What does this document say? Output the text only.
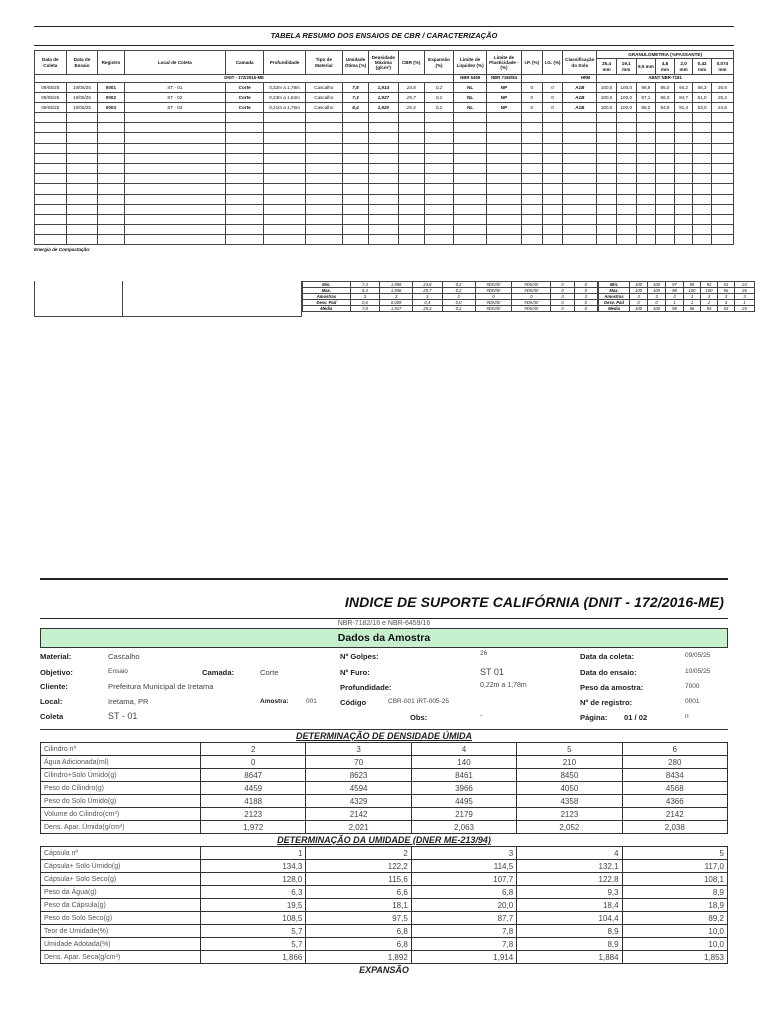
TABELA RESUMO DOS ENSAIOS DE CBR / CARACTERIZAÇÃO
Data de Coleta	Data de Ensaio	Registro	Local de Coleta	Camada	Profundidade	Tipo de Material	Umidade Ótima (%)	Densidade Máxima (g/cm³)	CBR (%)	Expansão (%)	Limite de Liquidez (%)	Limite de Plasticidade - (%)	I.P. (%)	I.G. (%)	Classificação do Solo	GRANULOMETRIA (%PASSANTE)						
																25,4 mm	19,1 mm	9,5 mm	4,8 mm	2,0 mm	0,42 mm	0,074 mm
DNIT - 172/2016-ME											NBR 6459	NBR 7180/84	HRB			ABNT NBR-7181						
09/05/25	10/05/25	0001	ST - 01	Corte	0,22m a 1,78m	Cascalho	7,8	1,914	24,8	0,2	NL	NP	0	0	A1B	100,0	100,0	96,9	95,0	94,2	56,3	26,5
09/05/25	10/05/25	0002	ST - 02	Corte	0,23m a 1,84m	Cascalho	7,3	1,927	25,7	0,2	NL	NP	0	0	A1B	100,0	100,0	97,1	96,3	94,7	51,0	25,2
09/05/25	10/05/25	0003	ST - 03	Corte	0,21m a 1,76m	Cascalho	8,4	1,920	25,4	0,2	NL	NP	0	0	A1B	100,0	100,0	98,2	94,9	91,4	53,0	24,6

Energia de Compactação:
Min.	7,3	1,908	24,8	0,2	#DIV/0!	#DIV/0!	0	0
Max.	8,4	1,936	25,7	0,2	#DIV/0!	#DIV/0!	0	0
Amostras	3	3	3	3	0	0	3	3
Desv. Pad	0,6	0,009	0,4	0,0	#DIV/0!	#DIV/0!	0	0
Média	7,8	1,917	25,3	0,2	#DIV/0!	#DIV/0!	0	0
Min.	100	100	97	95	92	51	24
Max.	100	100	98	100	100	56	26
Amostras	3	3	3	3	3	3	3
Desv. Pad	0	0	1	1	2	3	1
Média	100	100	98	96	93	53	25
INDICE DE SUPORTE CALIFÓRNIA (DNIT - 172/2016-ME)
NBR-7182/16 e NBR-6459/16
Dados da Amostra
Material:	Cascalho
Objetivo:	Ensaio	Camada:	Corte
Cliente:	Prefeitura Municipal de Iretama
Local:	Iretama, PR	Amostra:	001
Coleta	ST - 01
Nº Golpes:	26
Nº Furo:	ST 01
Profundidade:	0,22m a 1,78m
Código	CBR-001 IRT-005-25
Obs:	-
Data da coleta:	09/05/25
Data do ensaio:	10/05/25
Peso da amostra:	7000
Nº de registro:	0001
Página: 01 / 02	n
DETERMINAÇÃO DE DENSIDADE ÚMIDA
Cilindro nº	2	3	4	5	6
Água Adicionada(ml)	0	70	140	210	280
Cilindro+Solo Úmido(g)	8647	8623	8461	8450	8434
Peso do Cilindro(g)	4459	4594	3966	4050	4568
Peso do Solo Úmido(g)	4188	4329	4495	4358	4366
Volume do Cilindro(cm³)	2123	2142	2179	2123	2142
Dens. Apar. Úmida(g/cm³)	1,972	2,021	2,063	2,052	2,038
DETERMINAÇÃO DA UMIDADE (DNER ME-213/94)
Cápsula nº	1	2	3	4	5
Cápsula+ Solo Úmido(g)	134,3	122,2	114,5	132,1	117,0
Cápsula+ Solo Seco(g)	128,0	115,6	107,7	122,8	108,1
Peso da Água(g)	6,3	6,6	6,8	9,3	8,9
Peso da Cápsula(g)	19,5	18,1	20,0	18,4	18,9
Peso do Solo Seco(g)	108,5	97,5	87,7	104,4	89,2
Teor de Umidade(%)	5,7	6,8	7,8	8,9	10,0
Umidade Adotada(%)	5,7	6,8	7,8	8,9	10,0
Dens. Apar. Seca(g/cm³)	1,866	1,892	1,914	1,884	1,853
EXPANSÃO
